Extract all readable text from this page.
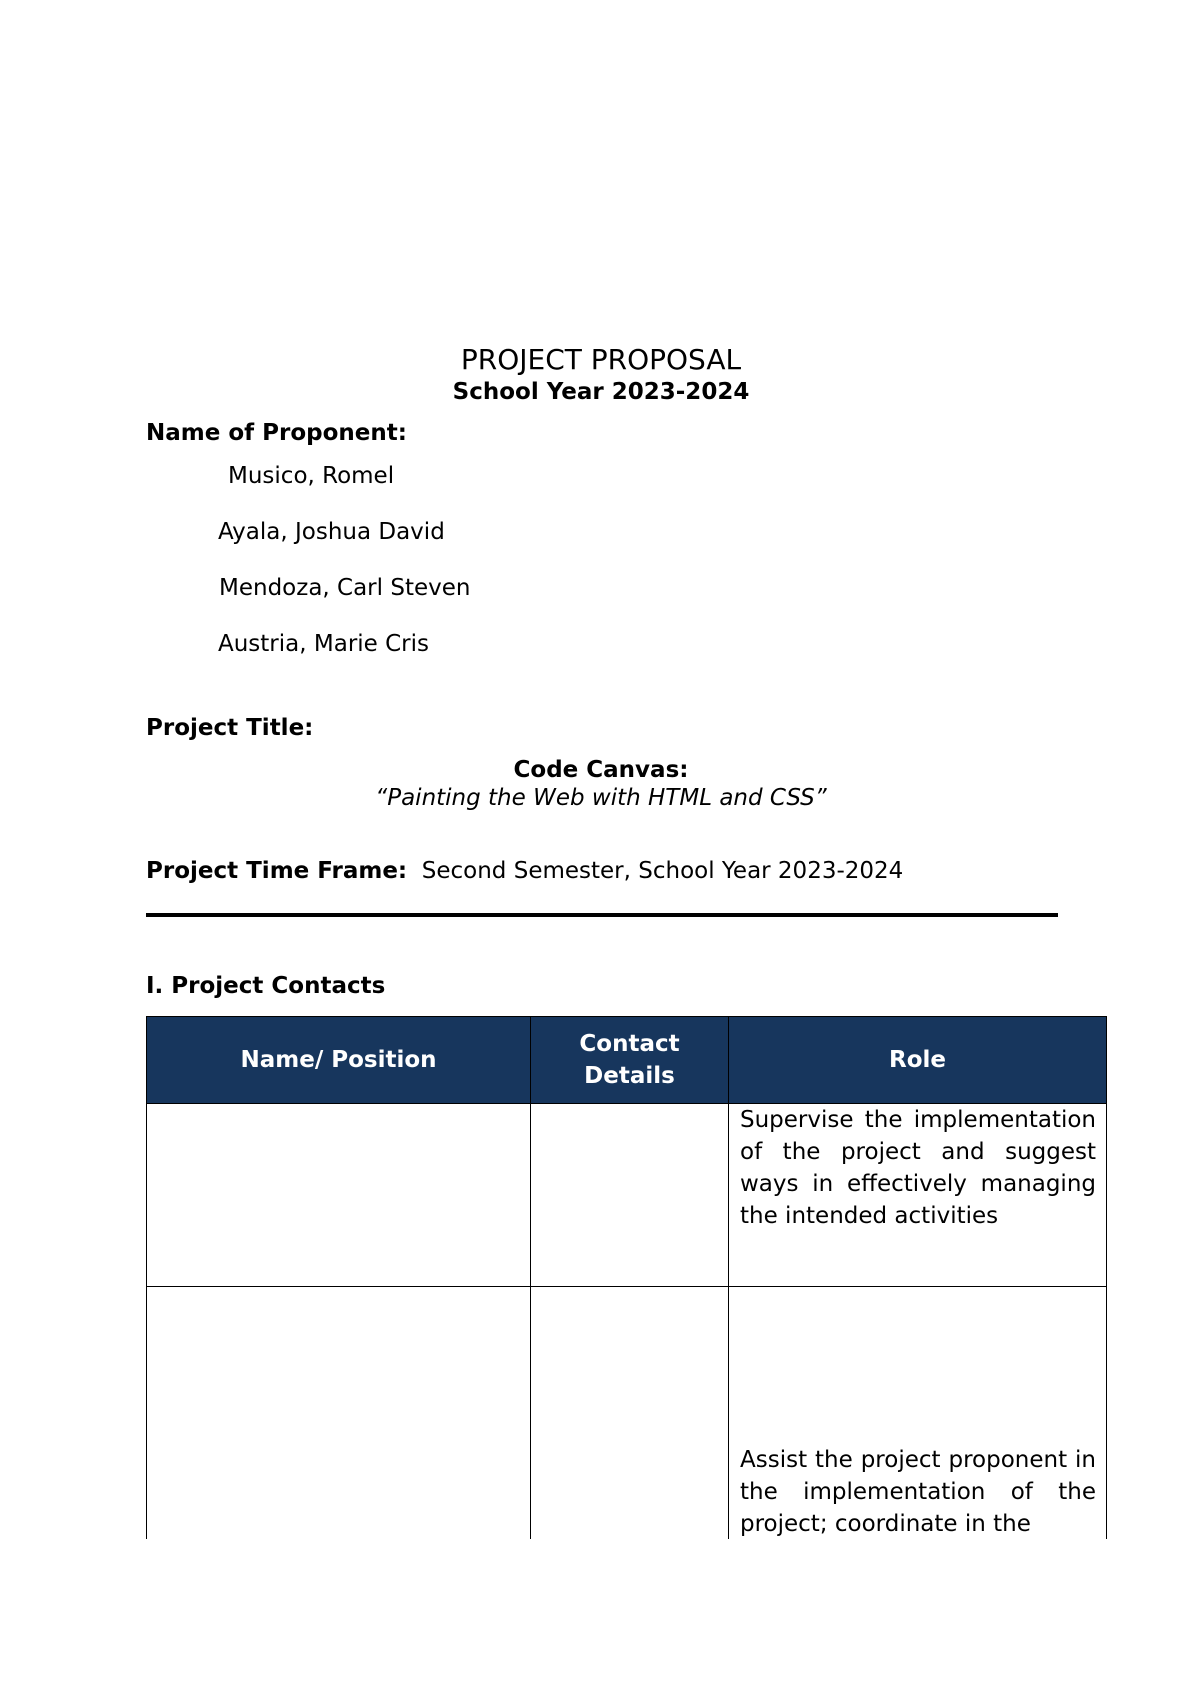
PROJECT PROPOSAL
School Year 2023-2024
Name of Proponent:
Musico, Romel
Ayala, Joshua David
Mendoza, Carl Steven
Austria, Marie Cris
Project Title:
Code Canvas:
“Painting the Web with HTML and CSS”
Project Time Frame: Second Semester, School Year 2023-2024
I. Project Contacts
Name/ Position	Contact Details	Role

		Supervise the implementation of the project and suggest ways in effectively managing the intended activities

		Assist the project proponent in the implementation of the project; coordinate in the
